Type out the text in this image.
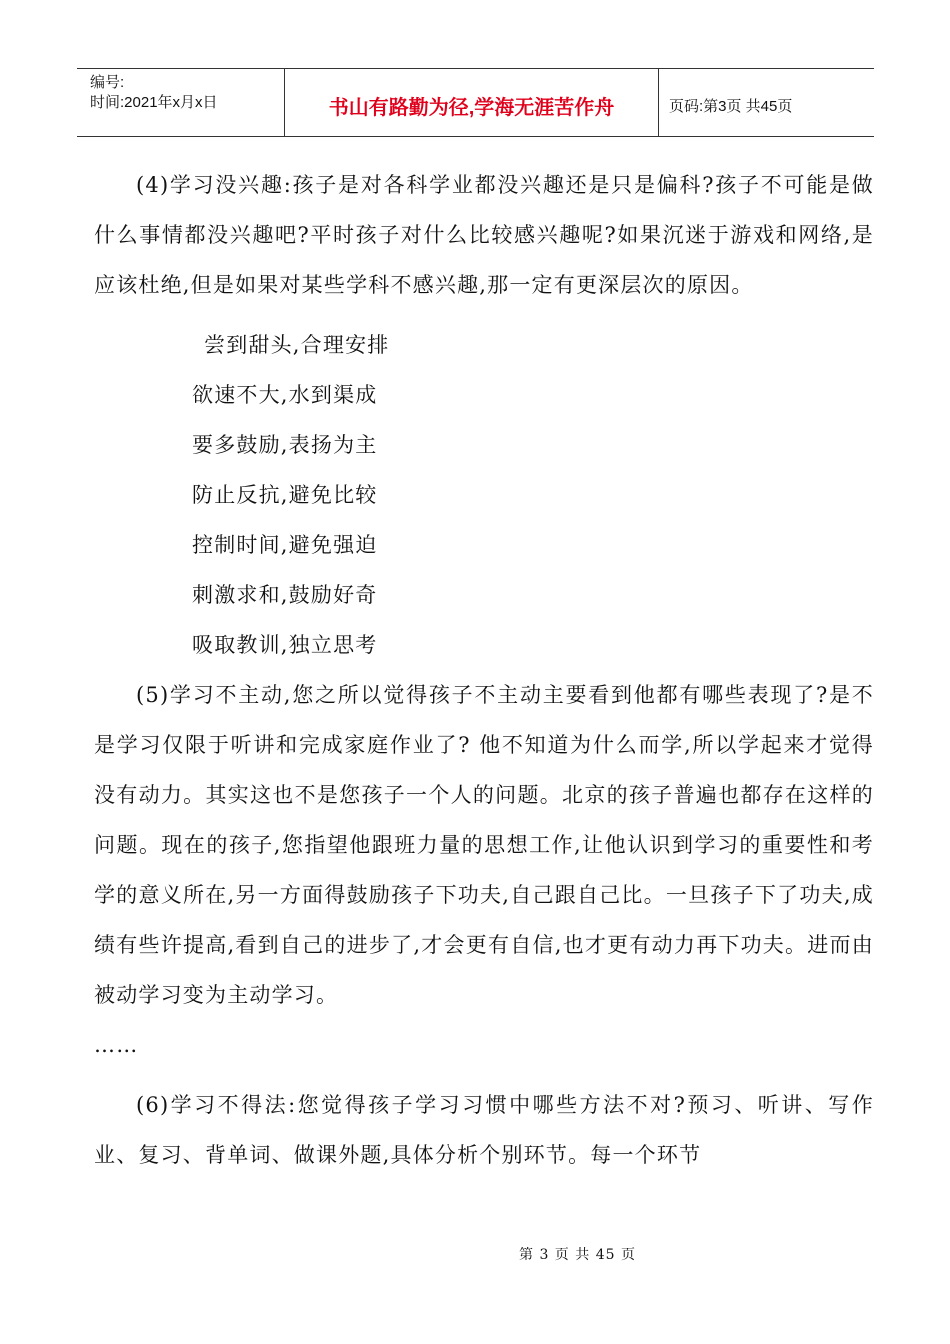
编号:
时间:2021年x月x日	书山有路勤为径,学海无涯苦作舟	页码:第3页 共45页

(4)学习没兴趣:孩子是对各科学业都没兴趣还是只是偏科?孩子不可能是做什么事情都没兴趣吧?平时孩子对什么比较感兴趣呢?如果沉迷于游戏和网络,是应该杜绝,但是如果对某些学科不感兴趣,那一定有更深层次的原因。

尝到甜头,合理安排

欲速不大,水到渠成

要多鼓励,表扬为主

防止反抗,避免比较

控制时间,避免强迫

刺激求和,鼓励好奇

吸取教训,独立思考

(5)学习不主动,您之所以觉得孩子不主动主要看到他都有哪些表现了?是不是学习仅限于听讲和完成家庭作业了? 他不知道为什么而学,所以学起来才觉得没有动力。其实这也不是您孩子一个人的问题。北京的孩子普遍也都存在这样的问题。现在的孩子,您指望他跟班力量的思想工作,让他认识到学习的重要性和考学的意义所在,另一方面得鼓励孩子下功夫,自己跟自己比。一旦孩子下了功夫,成绩有些许提高,看到自己的进步了,才会更有自信,也才更有动力再下功夫。进而由被动学习变为主动学习。

……

(6)学习不得法:您觉得孩子学习习惯中哪些方法不对?预习、听讲、写作业、复习、背单词、做课外题,具体分析个别环节。每一个环节

第 3 页 共 45 页
